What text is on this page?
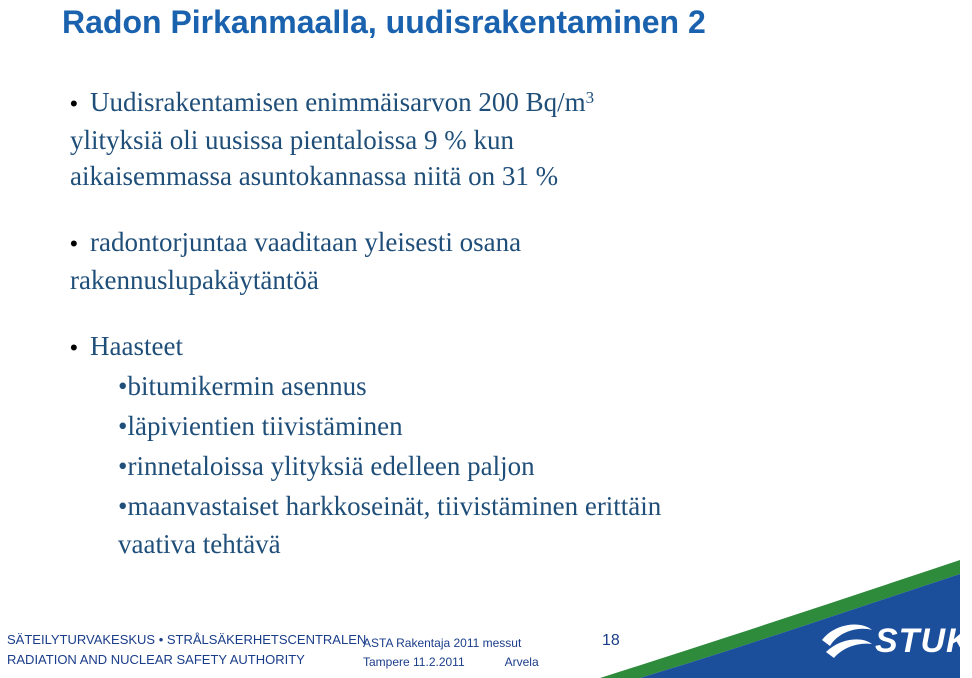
Radon Pirkanmaalla, uudisrakentaminen 2
• Uudisrakentamisen enimmäisarvon 200 $Bq/m^3$
ylityksiä oli uusissa pientaloissa 9 % kun
aikaisemmassa asuntokannassa niitä on 31 %
• radontorjuntaa vaaditaan yleisesti osana
rakennuslupakäytäntöä
• Haasteet
•bitumikermin asennus
•läpivientien tiivistäminen
•rinnetaloissa ylityksiä edelleen paljon
•maanvastaiset harkkoseinät, tiivistäminen erittäin
vaativa tehtävä
STUK
SÄTEILYTURVAKESKUS • STRÅLSÄKERHETSCENTRALEN
RADIATION AND NUCLEAR SAFETY AUTHORITY
ASTA Rakentaja 2011 messut
Tampere 11.2.2011	Arvela
18
